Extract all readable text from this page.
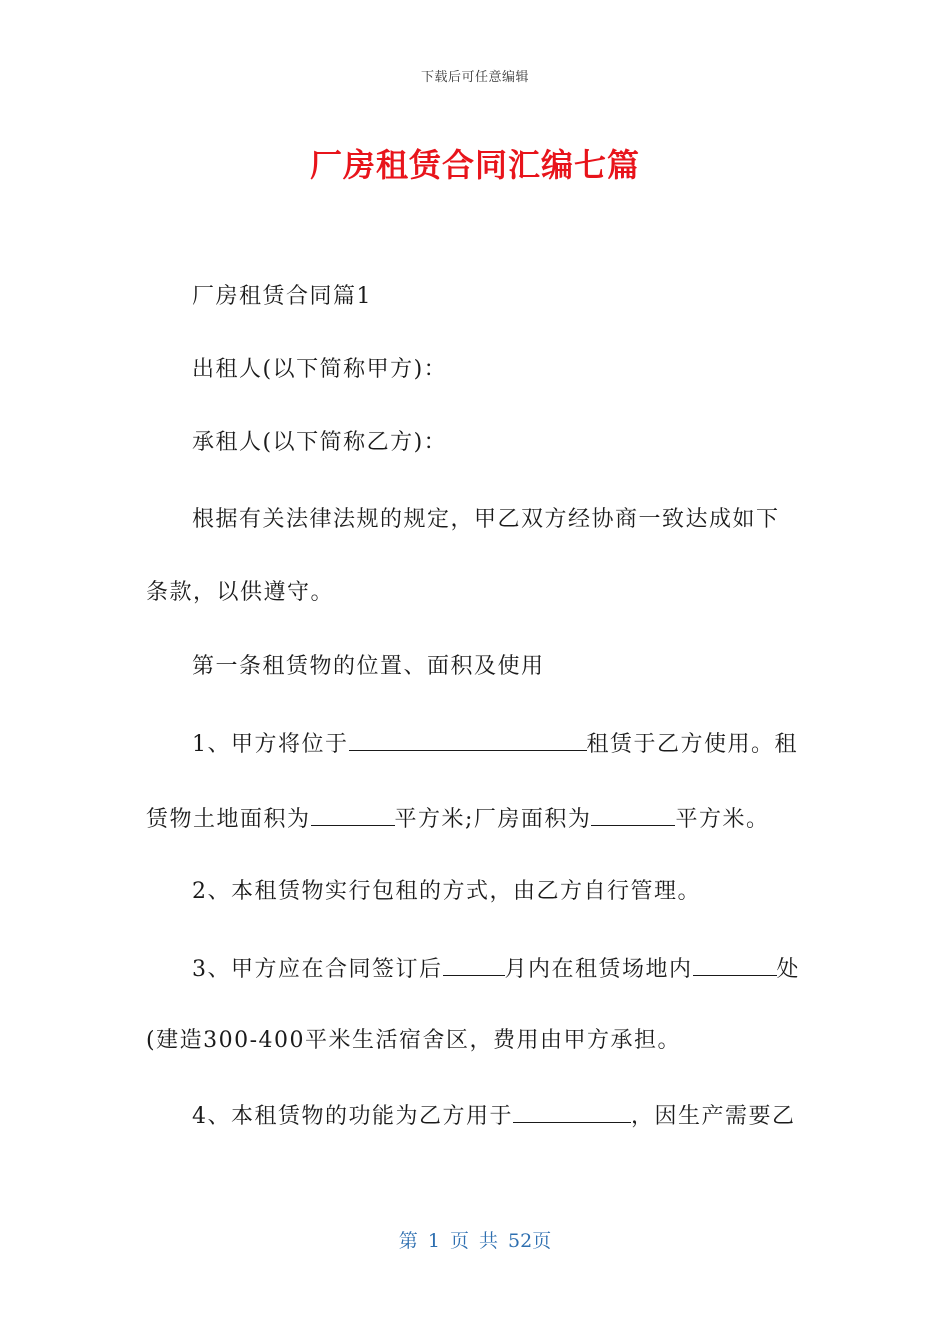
下载后可任意编辑
厂房租赁合同汇编七篇
厂房租赁合同篇1
出租人(以下简称甲方)：
承租人(以下简称乙方)：
根据有关法律法规的规定，甲乙双方经协商一致达成如下
条款，以供遵守。
第一条租赁物的位置、面积及使用
1、甲方将位于	租赁于乙方使用。租
赁物土地面积为	平方米;厂房面积为	平方米。
2、本租赁物实行包租的方式，由乙方自行管理。
3、甲方应在合同签订后	月内在租赁场地内	处
(建造300-400平米生活宿舍区，费用由甲方承担。
4、本租赁物的功能为乙方用于	，因生产需要乙
第 1 页 共 52页
